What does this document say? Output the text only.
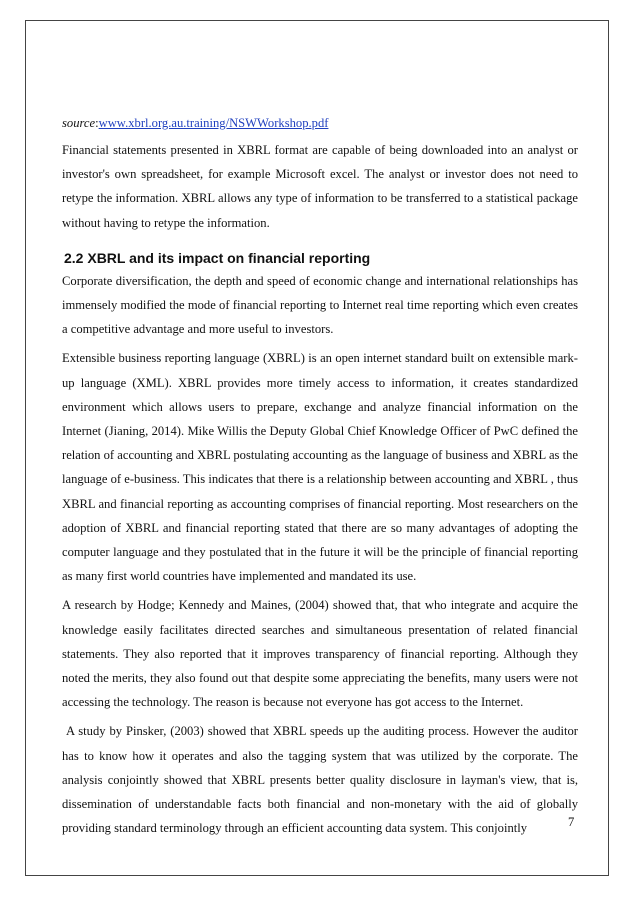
source:www.xbrl.org.au.training/NSWWorkshop.pdf

Financial statements presented in XBRL format are capable of being downloaded into an analyst or investor's own spreadsheet, for example Microsoft excel. The analyst or investor does not need to retype the information. XBRL allows any type of information to be transferred to a statistical package without having to retype the information.

2.2 XBRL and its impact on financial reporting

Corporate diversification, the depth and speed of economic change and international relationships has immensely modified the mode of financial reporting to Internet real time reporting which even creates a competitive advantage and more useful to investors.

Extensible business reporting language (XBRL) is an open internet standard built on extensible mark-up language (XML). XBRL provides more timely access to information, it creates standardized environment which allows users to prepare, exchange and analyze financial information on the Internet (Jianing, 2014). Mike Willis the Deputy Global Chief Knowledge Officer of PwC defined the relation of accounting and XBRL postulating accounting as the language of business and XBRL as the language of e-business. This indicates that there is a relationship between accounting and XBRL , thus XBRL and financial reporting as accounting comprises of financial reporting. Most researchers on the adoption of XBRL and financial reporting stated that there are so many advantages of adopting the computer language and they postulated that in the future it will be the principle of financial reporting as many first world countries have implemented and mandated its use.

A research by Hodge; Kennedy and Maines, (2004) showed that, that who integrate and acquire the knowledge easily facilitates directed searches and simultaneous presentation of related financial statements. They also reported that it improves transparency of financial reporting. Although they noted the merits, they also found out that despite some appreciating the benefits, many users were not accessing the technology. The reason is because not everyone has got access to the Internet.

A study by Pinsker, (2003) showed that XBRL speeds up the auditing process. However the auditor has to know how it operates and also the tagging system that was utilized by the corporate. The analysis conjointly showed that XBRL presents better quality disclosure in layman's view, that is, dissemination of understandable facts both financial and non-monetary with the aid of globally providing standard terminology through an efficient accounting data system. This conjointly	7
